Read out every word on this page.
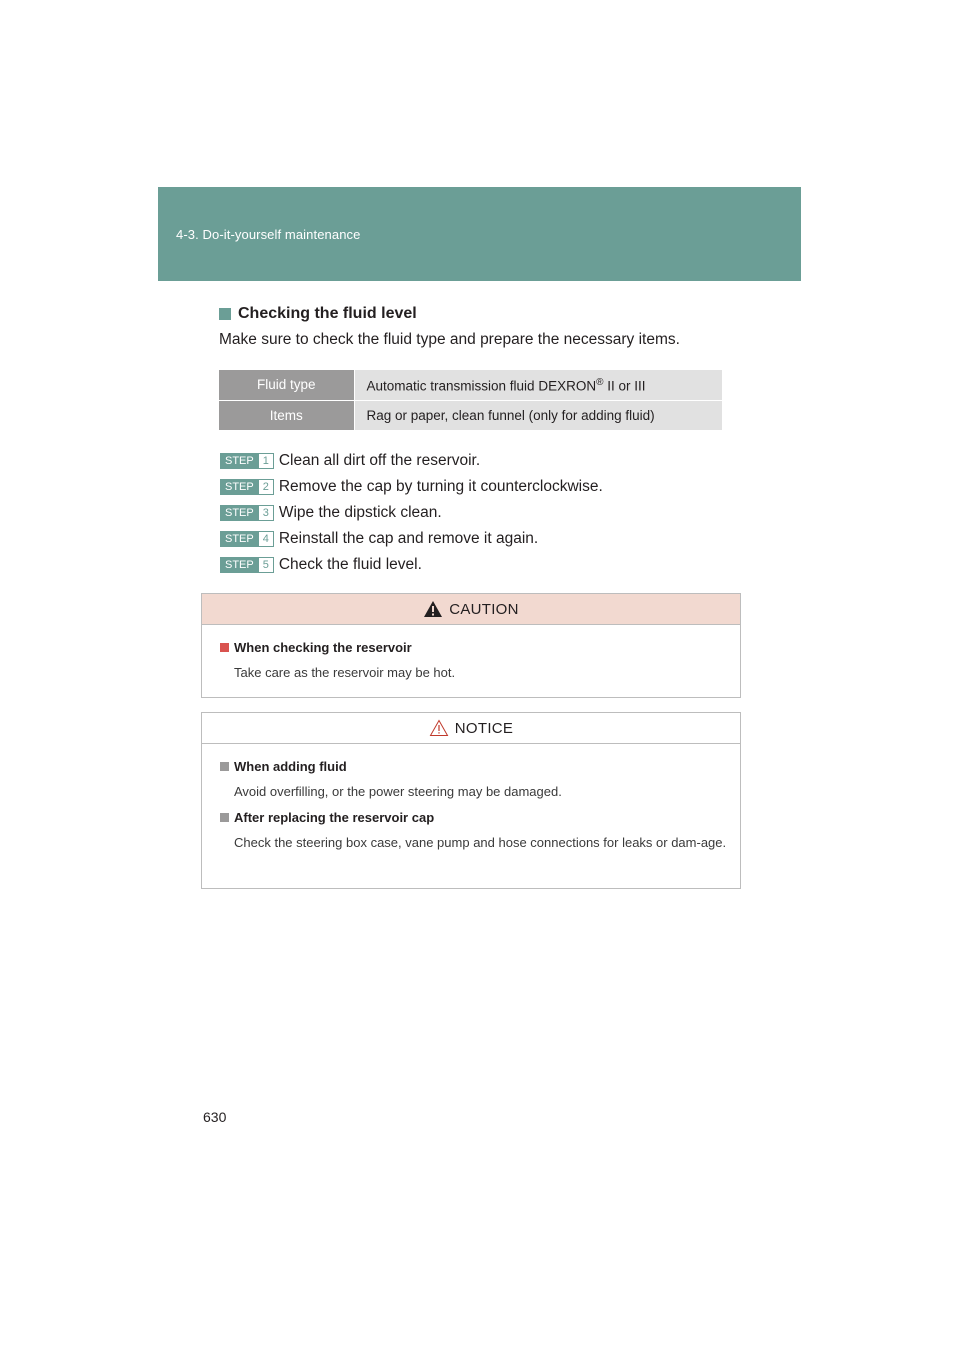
4-3. Do-it-yourself maintenance
Checking the fluid level
Make sure to check the fluid type and prepare the necessary items.
Fluid type	Automatic transmission fluid DEXRON® II or III
Items	Rag or paper, clean funnel (only for adding fluid)
STEP 1 Clean all dirt off the reservoir.
STEP 2 Remove the cap by turning it counterclockwise.
STEP 3 Wipe the dipstick clean.
STEP 4 Reinstall the cap and remove it again.
STEP 5 Check the fluid level.
CAUTION
When checking the reservoir
Take care as the reservoir may be hot.
NOTICE
When adding fluid
Avoid overfilling, or the power steering may be damaged.
After replacing the reservoir cap
Check the steering box case, vane pump and hose connections for leaks or dam-age.
630
